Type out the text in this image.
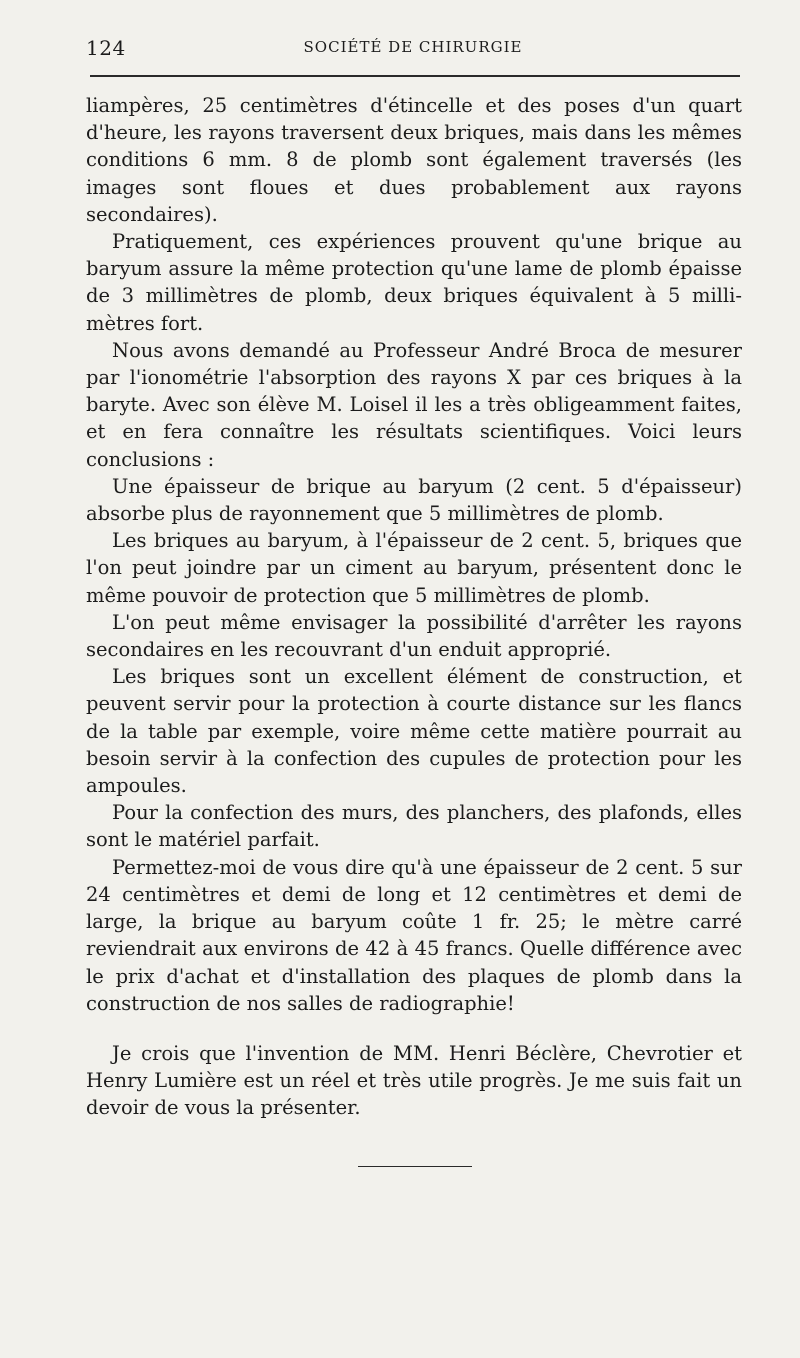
124	SOCIÉTÉ DE CHIRURGIE

liampères, 25 centimètres d'étincelle et des poses d'un quart d'heure, les rayons traversent deux briques, mais dans les mêmes conditions 6 mm. 8 de plomb sont également traversés (les images sont floues et dues probablement aux rayons secondaires).

Pratiquement, ces expériences prouvent qu'une brique au baryum assure la même protection qu'une lame de plomb épaisse de 3 millimètres de plomb, deux briques équivalent à 5 millimètres fort.

Nous avons demandé au Professeur André Broca de mesurer par l'ionométrie l'absorption des rayons X par ces briques à la baryte. Avec son élève M. Loisel il les a très obligeamment faites, et en fera connaître les résultats scientifiques. Voici leurs conclusions :

Une épaisseur de brique au baryum (2 cent. 5 d'épaisseur) absorbe plus de rayonnement que 5 millimètres de plomb.

Les briques au baryum, à l'épaisseur de 2 cent. 5, briques que l'on peut joindre par un ciment au baryum, présentent donc le même pouvoir de protection que 5 millimètres de plomb.

L'on peut même envisager la possibilité d'arrêter les rayons secondaires en les recouvrant d'un enduit approprié.

Les briques sont un excellent élément de construction, et peuvent servir pour la protection à courte distance sur les flancs de la table par exemple, voire même cette matière pourrait au besoin servir à la confection des cupules de protection pour les ampoules.

Pour la confection des murs, des planchers, des plafonds, elles sont le matériel parfait.

Permettez-moi de vous dire qu'à une épaisseur de 2 cent. 5 sur 24 centimètres et demi de long et 12 centimètres et demi de large, la brique au baryum coûte 1 fr. 25; le mètre carré reviendrait aux environs de 42 à 45 francs. Quelle différence avec le prix d'achat et d'installation des plaques de plomb dans la construction de nos salles de radiographie!

Je crois que l'invention de MM. Henri Béclère, Chevrotier et Henry Lumière est un réel et très utile progrès. Je me suis fait un devoir de vous la présenter.
